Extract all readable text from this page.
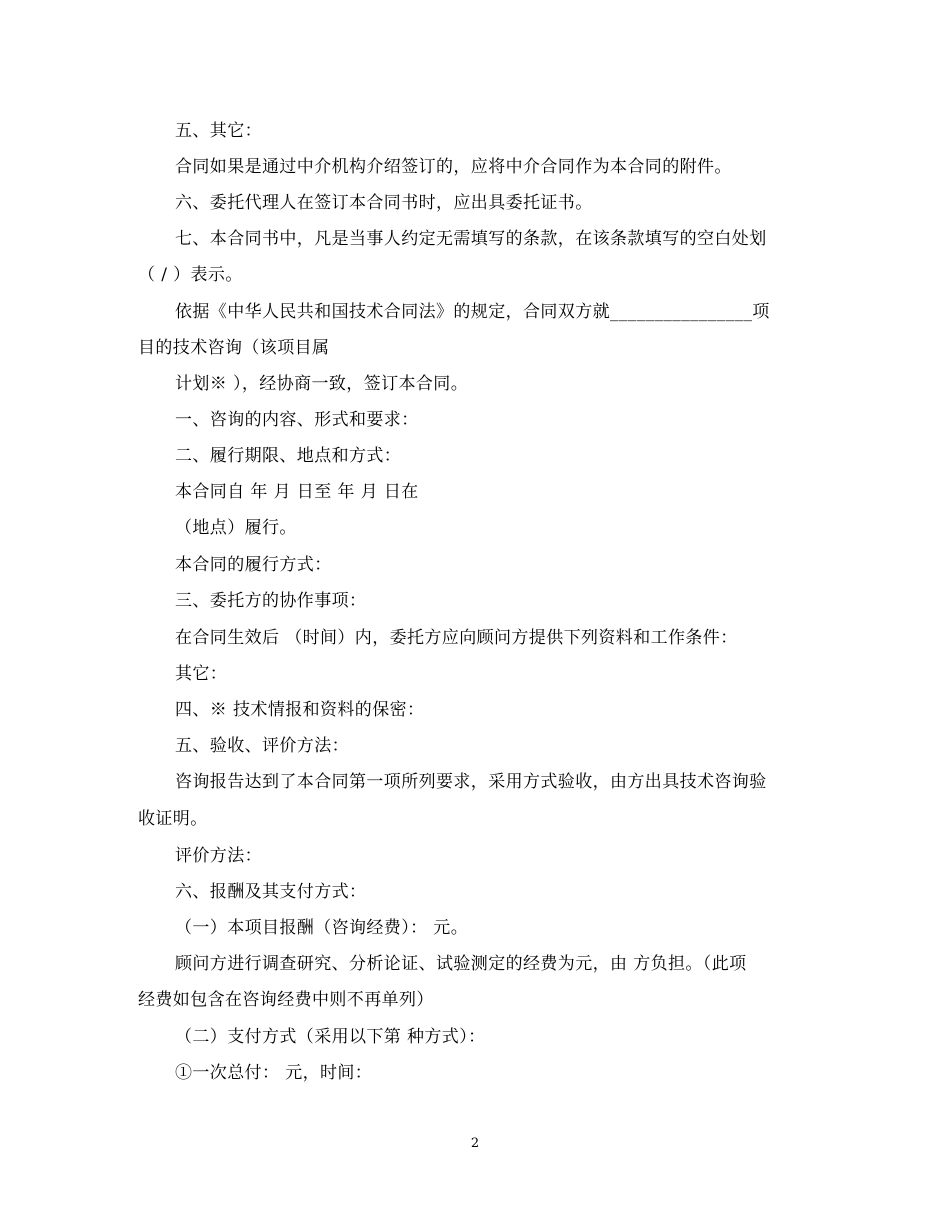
五、其它：
合同如果是通过中介机构介绍签订的，应将中介合同作为本合同的附件。
六、委托代理人在签订本合同书时，应出具委托证书。
七、本合同书中，凡是当事人约定无需填写的条款，在该条款填写的空白处划
（ / ）表示。
依据《中华人民共和国技术合同法》的规定，合同双方就________________项
目的技术咨询（该项目属
计划※ ），经协商一致，签订本合同。
一、咨询的内容、形式和要求：
二、履行期限、地点和方式：
本合同自 年 月 日至 年 月 日在
（地点）履行。
本合同的履行方式：
三、委托方的协作事项：
在合同生效后 （时间）内，委托方应向顾问方提供下列资料和工作条件：
其它：
四、※ 技术情报和资料的保密：
五、验收、评价方法：
咨询报告达到了本合同第一项所列要求，采用方式验收，由方出具技术咨询验
收证明。
评价方法：
六、报酬及其支付方式：
（一）本项目报酬（咨询经费）： 元。
顾问方进行调查研究、分析论证、试验测定的经费为元，由 方负担。（此项
经费如包含在咨询经费中则不再单列）
（二）支付方式（采用以下第 种方式）：
①一次总付： 元，时间：
2
